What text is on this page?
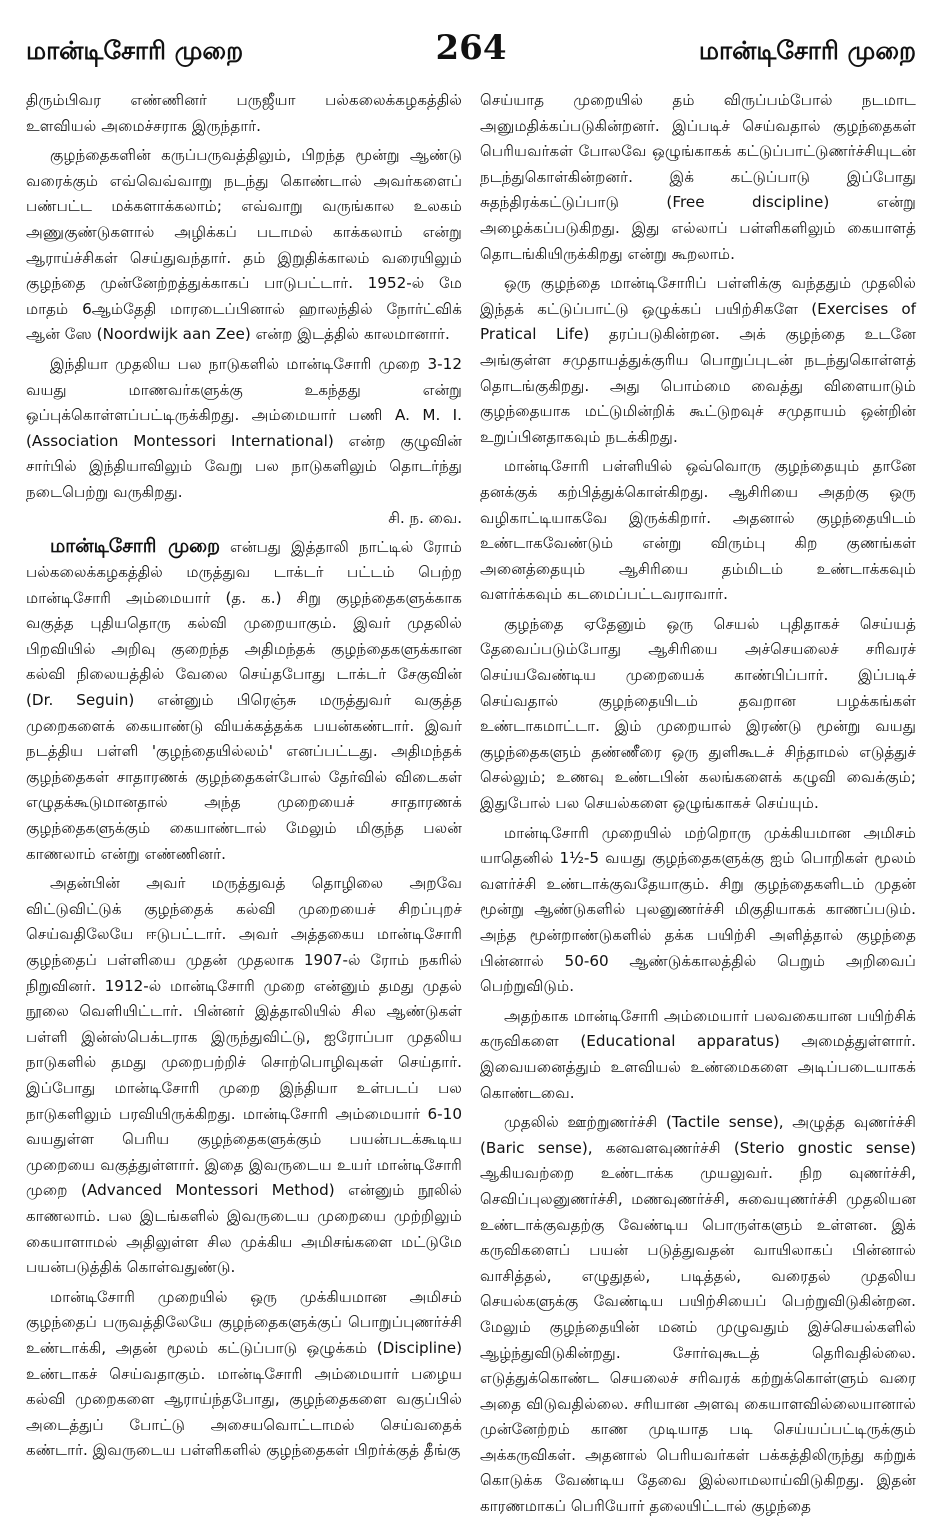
மான்டிசோரி முறை	264	மான்டிசோரி முறை

திரும்பிவர எண்ணினர் பருஜீயா பல்கலைக்கழகத்தில் உளவியல் அமைச்சராக இருந்தார்.

குழந்தைகளின் கருப்பருவத்திலும், பிறந்த மூன்று ஆண்டு வரைக்கும் எவ்வெவ்வாறு நடந்து கொண்டால் அவர்களைப் பண்பட்ட மக்களாக்கலாம்; எவ்வாறு வருங்கால உலகம் அணுகுண்டுகளால் அழிக்கப் படாமல் காக்கலாம் என்று ஆராய்ச்சிகள் செய்துவந்தார். தம் இறுதிக்காலம் வரையிலும் குழந்தை முன்னேற்றத்துக்காகப் பாடுபட்டார். 1952-ல் மே மாதம் 6ஆம்தேதி மாரடைப்பினால் ஹாலந்தில் நோர்ட்விக் ஆன் ஸே (Noordwijk aan Zee) என்ற இடத்தில் காலமானார்.

இந்தியா முதலிய பல நாடுகளில் மான்டிசோரி முறை 3-12 வயது மாணவர்களுக்கு உகந்தது என்று ஒப்புக்கொள்ளப்பட்டிருக்கிறது. அம்மையார் பணி A. M. I. (Association Montessori International) என்ற குழுவின் சார்பில் இந்தியாவிலும் வேறு பல நாடுகளிலும் தொடர்ந்து நடைபெற்று வருகிறது.

சி. ந. வை.

மான்டிசோரி முறை என்பது இத்தாலி நாட்டில் ரோம் பல்கலைக்கழகத்தில் மருத்துவ டாக்டர் பட்டம் பெற்ற மான்டிசோரி அம்மையார் (த. க.) சிறு குழந்தைகளுக்காக வகுத்த புதியதொரு கல்வி முறையாகும். இவர் முதலில் பிறவியில் அறிவு குறைந்த அதிமந்தக் குழந்தைகளுக்கான கல்வி நிலையத்தில் வேலை செய்தபோது டாக்டர் சேகுவின் (Dr. Seguin) என்னும் பிரெஞ்சு மருத்துவர் வகுத்த முறைகளைக் கையாண்டு வியக்கத்தக்க பயன்கண்டார். இவர் நடத்திய பள்ளி 'குழந்தையில்லம்' எனப்பட்டது. அதிமந்தக் குழந்தைகள் சாதாரணக் குழந்தைகள்போல் தேர்வில் விடைகள் எழுதக்கூடுமானதால் அந்த முறையைச் சாதாரணக் குழந்தைகளுக்கும் கையாண்டால் மேலும் மிகுந்த பலன் காணலாம் என்று எண்ணினர்.

அதன்பின் அவர் மருத்துவத் தொழிலை அறவே விட்டுவிட்டுக் குழந்தைக் கல்வி முறையைச் சிறப்புறச் செய்வதிலேயே ஈடுபட்டார். அவர் அத்தகைய மான்டிசோரி குழந்தைப் பள்ளியை முதன் முதலாக 1907-ல் ரோம் நகரில் நிறுவினர். 1912-ல் மான்டிசோரி முறை என்னும் தமது முதல் நூலை வெளியிட்டார். பின்னர் இத்தாலியில் சில ஆண்டுகள் பள்ளி இன்ஸ்பெக்டராக இருந்துவிட்டு, ஐரோப்பா முதலிய நாடுகளில் தமது முறைபற்றிச் சொற்பொழிவுகள் செய்தார். இப்போது மான்டிசோரி முறை இந்தியா உள்படப் பல நாடுகளிலும் பரவியிருக்கிறது. மான்டிசோரி அம்மையார் 6-10 வயதுள்ள பெரிய குழந்தைகளுக்கும் பயன்படக்கூடிய முறையை வகுத்துள்ளார். இதை இவருடைய உயர் மான்டிசோரி முறை (Advanced Montessori Method) என்னும் நூலில் காணலாம். பல இடங்களில் இவருடைய முறையை முற்றிலும் கையாளாமல் அதிலுள்ள சில முக்கிய அமிசங்களை மட்டுமே பயன்படுத்திக் கொள்வதுண்டு.

மான்டிசோரி முறையில் ஒரு முக்கியமான அமிசம் குழந்தைப் பருவத்திலேயே குழந்தைகளுக்குப் பொறுப்புணர்ச்சி உண்டாக்கி, அதன் மூலம் கட்டுப்பாடு ஒழுக்கம் (Discipline) உண்டாகச் செய்வதாகும். மான்டிசோரி அம்மையார் பழைய கல்வி முறைகளை ஆராய்ந்தபோது, குழந்தைகளை வகுப்பில் அடைத்துப் போட்டு அசையவொட்டாமல் செய்வதைக் கண்டார். இவருடைய பள்ளிகளில் குழந்தைகள் பிறர்க்குத் தீங்கு

செய்யாத முறையில் தம் விருப்பம்போல் நடமாட அனுமதிக்கப்படுகின்றனர். இப்படிச் செய்வதால் குழந்தைகள் பெரியவர்கள் போலவே ஒழுங்காகக் கட்டுப்பாட்டுணர்ச்சியுடன் நடந்துகொள்கின்றனர். இக் கட்டுப்பாடு இப்போது சுதந்திரக்கட்டுப்பாடு (Free discipline) என்று அழைக்கப்படுகிறது. இது எல்லாப் பள்ளிகளிலும் கையாளத் தொடங்கியிருக்கிறது என்று கூறலாம்.

ஒரு குழந்தை மான்டிசோரிப் பள்ளிக்கு வந்ததும் முதலில் இந்தக் கட்டுப்பாட்டு ஒழுக்கப் பயிற்சிகளே (Exercises of Pratical Life) தரப்படுகின்றன. அக் குழந்தை உடனே அங்குள்ள சமுதாயத்துக்குரிய பொறுப்புடன் நடந்துகொள்ளத் தொடங்குகிறது. அது பொம்மை வைத்து விளையாடும் குழந்தையாக மட்டுமின்றிக் கூட்டுறவுச் சமுதாயம் ஒன்றின் உறுப்பினதாகவும் நடக்கிறது.

மான்டிசோரி பள்ளியில் ஒவ்வொரு குழந்தையும் தானே தனக்குக் கற்பித்துக்கொள்கிறது. ஆசிரியை அதற்கு ஒரு வழிகாட்டியாகவே இருக்கிறார். அதனால் குழந்தையிடம் உண்டாகவேண்டும் என்று விரும்பு கிற குணங்கள் அனைத்தையும் ஆசிரியை தம்மிடம் உண்டாக்கவும் வளர்க்கவும் கடமைப்பட்டவராவார்.

குழந்தை ஏதேனும் ஒரு செயல் புதிதாகச் செய்யத் தேவைப்படும்போது ஆசிரியை அச்செயலைச் சரிவரச் செய்யவேண்டிய முறையைக் காண்பிப்பார். இப்படிச் செய்வதால் குழந்தையிடம் தவறான பழக்கங்கள் உண்டாகமாட்டா. இம் முறையால் இரண்டு மூன்று வயது குழந்தைகளும் தண்ணீரை ஒரு துளிகூடச் சிந்தாமல் எடுத்துச் செல்லும்; உணவு உண்டபின் கலங்களைக் கழுவி வைக்கும்; இதுபோல் பல செயல்களை ஒழுங்காகச் செய்யும்.

மான்டிசோரி முறையில் மற்றொரு முக்கியமான அமிசம் யாதெனில் 1½-5 வயது குழந்தைகளுக்கு ஐம் பொறிகள் மூலம் வளர்ச்சி உண்டாக்குவதேயாகும். சிறு குழந்தைகளிடம் முதன் மூன்று ஆண்டுகளில் புலனுணர்ச்சி மிகுதியாகக் காணப்படும். அந்த மூன்றாண்டுகளில் தக்க பயிற்சி அளித்தால் குழந்தை பின்னால் 50-60 ஆண்டுக்காலத்தில் பெறும் அறிவைப் பெற்றுவிடும்.

அதற்காக மான்டிசோரி அம்மையார் பலவகையான பயிற்சிக் கருவிகளை (Educational apparatus) அமைத்துள்ளார். இவையனைத்தும் உளவியல் உண்மைகளை அடிப்படையாகக் கொண்டவை.

முதலில் ஊற்றுணர்ச்சி (Tactile sense), அழுத்த வுணர்ச்சி (Baric sense), கனவளவுணர்ச்சி (Sterio gnostic sense) ஆகியவற்றை உண்டாக்க முயலுவர். நிற வுணர்ச்சி, செவிப்புலனுணர்ச்சி, மணவுணர்ச்சி, சுவையுணர்ச்சி முதலியன உண்டாக்குவதற்கு வேண்டிய பொருள்களும் உள்ளன. இக் கருவிகளைப் பயன் படுத்துவதன் வாயிலாகப் பின்னால் வாசித்தல், எழுதுதல், படித்தல், வரைதல் முதலிய செயல்களுக்கு வேண்டிய பயிற்சியைப் பெற்றுவிடுகின்றன. மேலும் குழந்தையின் மனம் முழுவதும் இச்செயல்களில் ஆழ்ந்துவிடுகின்றது. சோர்வுகூடத் தெரிவதில்லை. எடுத்துக்கொண்ட செயலைச் சரிவரக் கற்றுக்கொள்ளும் வரை அதை விடுவதில்லை. சரியான அளவு கையாளவில்லையானால் முன்னேற்றம் காண முடியாத படி செய்யப்பட்டிருக்கும் அக்கருவிகள். அதனால் பெரியவர்கள் பக்கத்திலிருந்து கற்றுக் கொடுக்க வேண்டிய தேவை இல்லாமலாய்விடுகிறது. இதன் காரணமாகப் பெரியோர் தலையிட்டால் குழந்தை
